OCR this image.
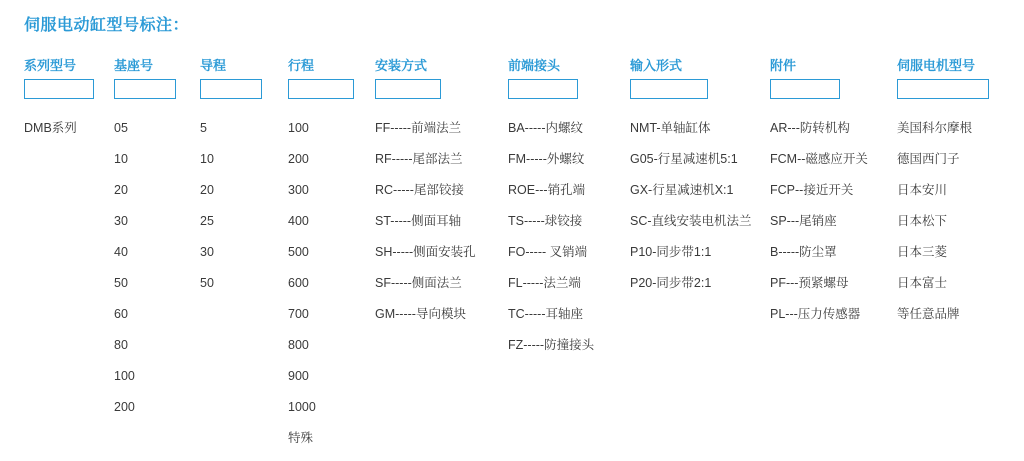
伺服电动缸型号标注：
系列型号
DMB系列
基座号
05
10
20
30
40
50
60
80
100
200
导程
5
10
20
25
30
50
行程
100
200
300
400
500
600
700
800
900
1000
特殊
安装方式
FF-----前端法兰
RF-----尾部法兰
RC-----尾部铰接
ST-----侧面耳轴
SH-----侧面安装孔
SF-----侧面法兰
GM-----导向模块
前端接头
BA-----内螺纹
FM-----外螺纹
ROE---销孔端
TS-----球铰接
FO----- 叉销端
FL-----法兰端
TC-----耳轴座
FZ-----防撞接头
输入形式
NMT-单轴缸体
G05-行星减速机5:1
GX-行星减速机X:1
SC-直线安装电机法兰
P10-同步带1:1
P20-同步带2:1
附件
AR---防转机构
FCM--磁感应开关
FCP--接近开关
SP---尾销座
B-----防尘罩
PF---预紧螺母
PL---压力传感器
伺服电机型号
美国科尔摩根
德国西门子
日本安川
日本松下
日本三菱
日本富士
等任意品牌
